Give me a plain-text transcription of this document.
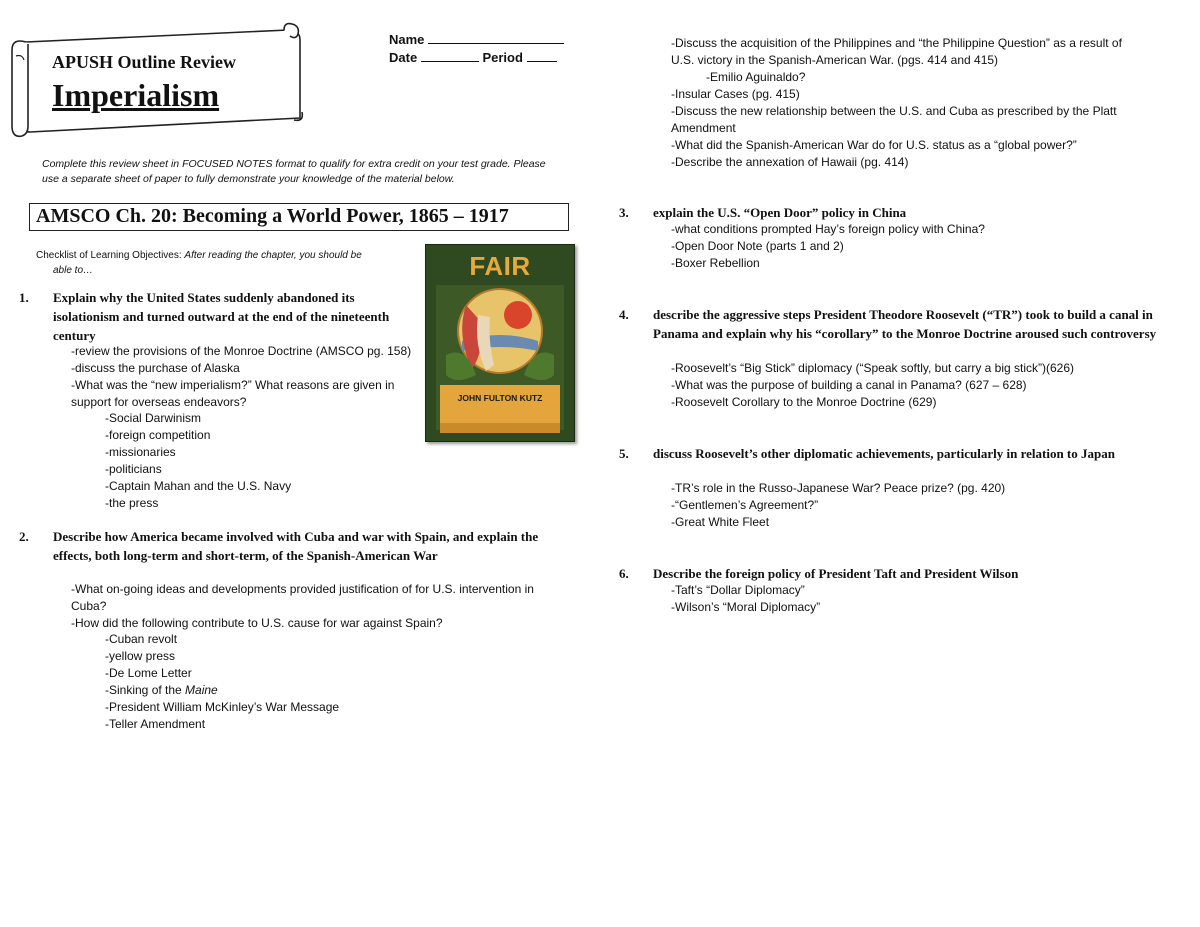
APUSH Outline Review
Imperialism
Name
Date	Period
Complete this review sheet in FOCUSED NOTES format to qualify for extra credit on your test grade. Please
use a separate sheet of paper to fully demonstrate your knowledge of the material below.
AMSCO Ch. 20: Becoming a World Power, 1865 – 1917
Checklist of Learning Objectives: After reading the chapter, you should be
able to…	FAIR
JOHN FULTON KUTZ
1. Explain why the United States suddenly abandoned its isolationism and turned outward at the end of the nineteenth century
-review the provisions of the Monroe Doctrine (AMSCO pg. 158)
-discuss the purchase of Alaska
-What was the “new imperialism?” What reasons are given in
support for overseas endeavors?
-Social Darwinism
-foreign competition
-missionaries
-politicians
-Captain Mahan and the U.S. Navy
-the press
2. Describe how America became involved with Cuba and war with Spain, and explain the effects, both long-term and short-term, of the Spanish-American War
-What on-going ideas and developments provided justification of for U.S. intervention in
Cuba?
-How did the following contribute to U.S. cause for war against Spain?
-Cuban revolt
-yellow press
-De Lome Letter
-Sinking of the Maine
-President William McKinley’s War Message
-Teller Amendment
-Discuss the acquisition of the Philippines and “the Philippine Question” as a result of
U.S. victory in the Spanish-American War. (pgs. 414 and 415)
-Emilio Aguinaldo?
-Insular Cases (pg. 415)
-Discuss the new relationship between the U.S. and Cuba as prescribed by the Platt
Amendment
-What did the Spanish-American War do for U.S. status as a “global power?”
-Describe the annexation of Hawaii (pg. 414)
3. explain the U.S. “Open Door” policy in China
-what conditions prompted Hay’s foreign policy with China?
-Open Door Note (parts 1 and 2)
-Boxer Rebellion
4. describe the aggressive steps President Theodore Roosevelt (“TR”) took to build a canal in Panama and explain why his “corollary” to the Monroe Doctrine aroused such controversy
-Roosevelt’s “Big Stick” diplomacy (“Speak softly, but carry a big stick”)(626)
-What was the purpose of building a canal in Panama? (627 – 628)
-Roosevelt Corollary to the Monroe Doctrine (629)
5. discuss Roosevelt’s other diplomatic achievements, particularly in relation to Japan
-TR’s role in the Russo-Japanese War? Peace prize? (pg. 420)
-“Gentlemen’s Agreement?”
-Great White Fleet
6. Describe the foreign policy of President Taft and President Wilson
-Taft’s “Dollar Diplomacy”
-Wilson’s “Moral Diplomacy”
